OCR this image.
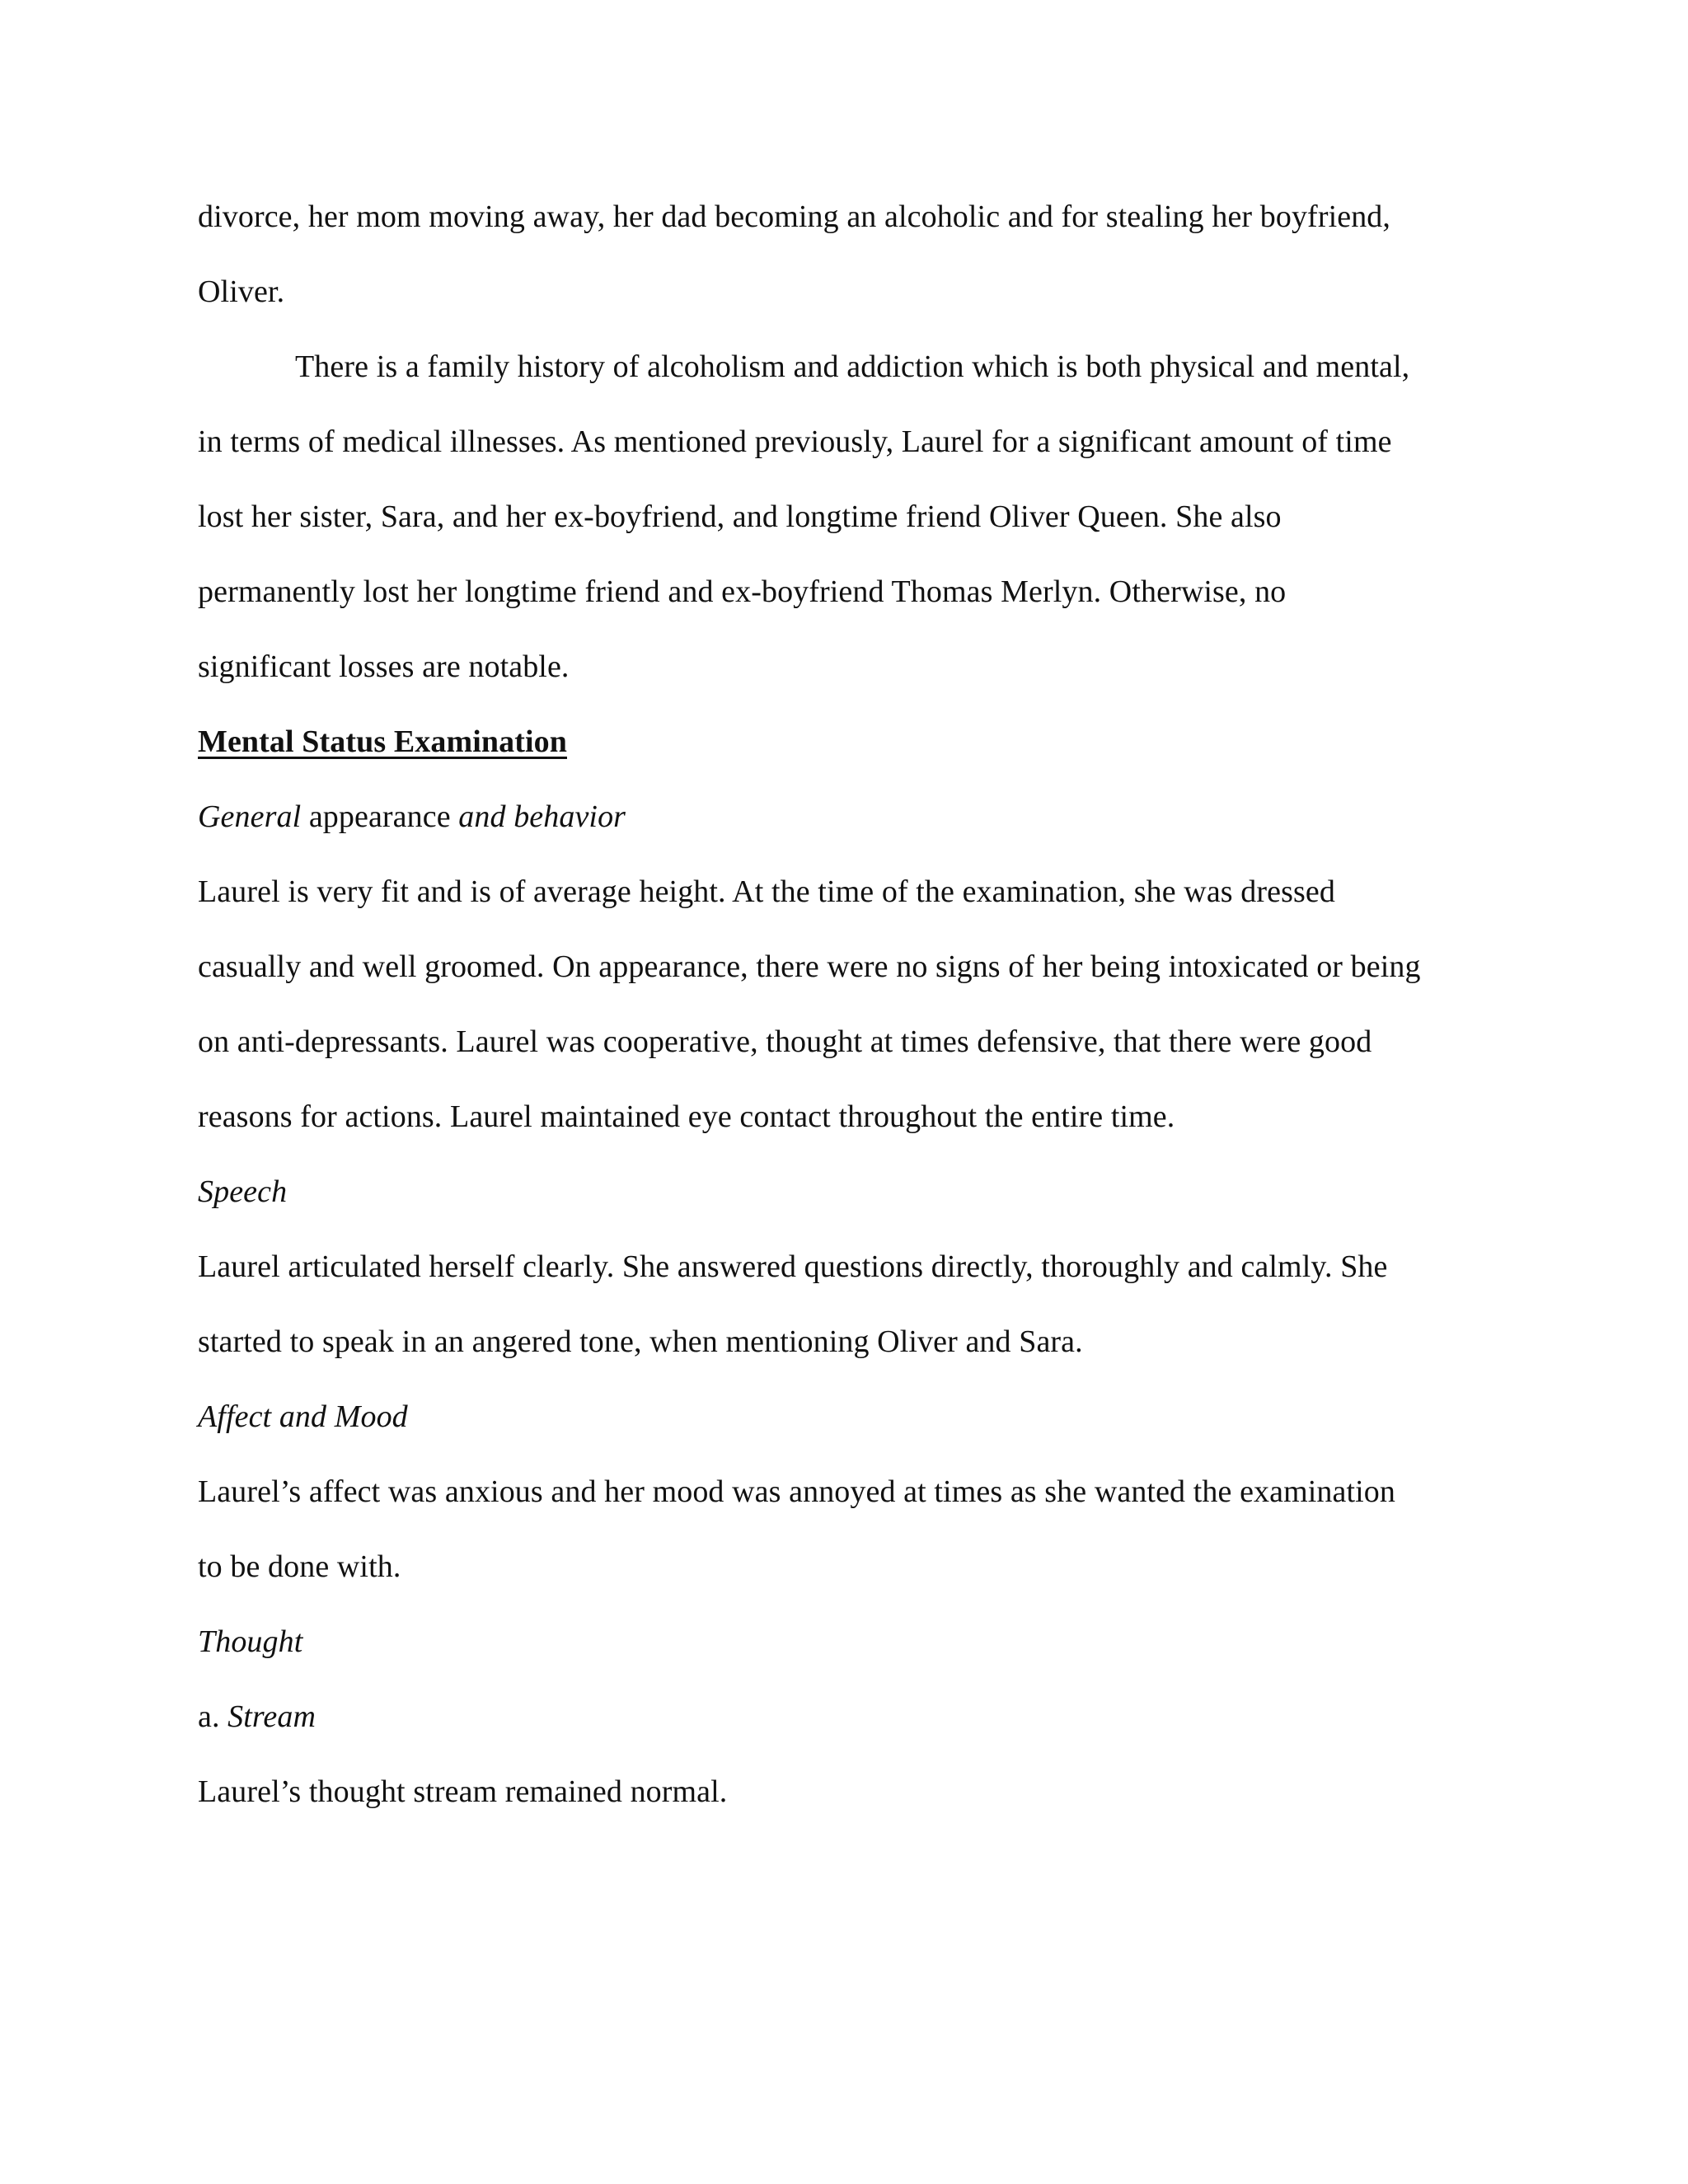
divorce, her mom moving away, her dad becoming an alcoholic and for stealing her boyfriend,
Oliver.
There is a family history of alcoholism and addiction which is both physical and mental,
in terms of medical illnesses. As mentioned previously, Laurel for a significant amount of time
lost her sister, Sara, and her ex-boyfriend, and longtime friend Oliver Queen. She also
permanently lost her longtime friend and ex-boyfriend Thomas Merlyn. Otherwise, no
significant losses are notable.
Mental Status Examination
General appearance and behavior
Laurel is very fit and is of average height. At the time of the examination, she was dressed
casually and well groomed. On appearance, there were no signs of her being intoxicated or being
on anti-depressants. Laurel was cooperative, thought at times defensive, that there were good
reasons for actions. Laurel maintained eye contact throughout the entire time.
Speech
Laurel articulated herself clearly. She answered questions directly, thoroughly and calmly. She
started to speak in an angered tone, when mentioning Oliver and Sara.
Affect and Mood
Laurel’s affect was anxious and her mood was annoyed at times as she wanted the examination
to be done with.
Thought
a. Stream
Laurel’s thought stream remained normal.
